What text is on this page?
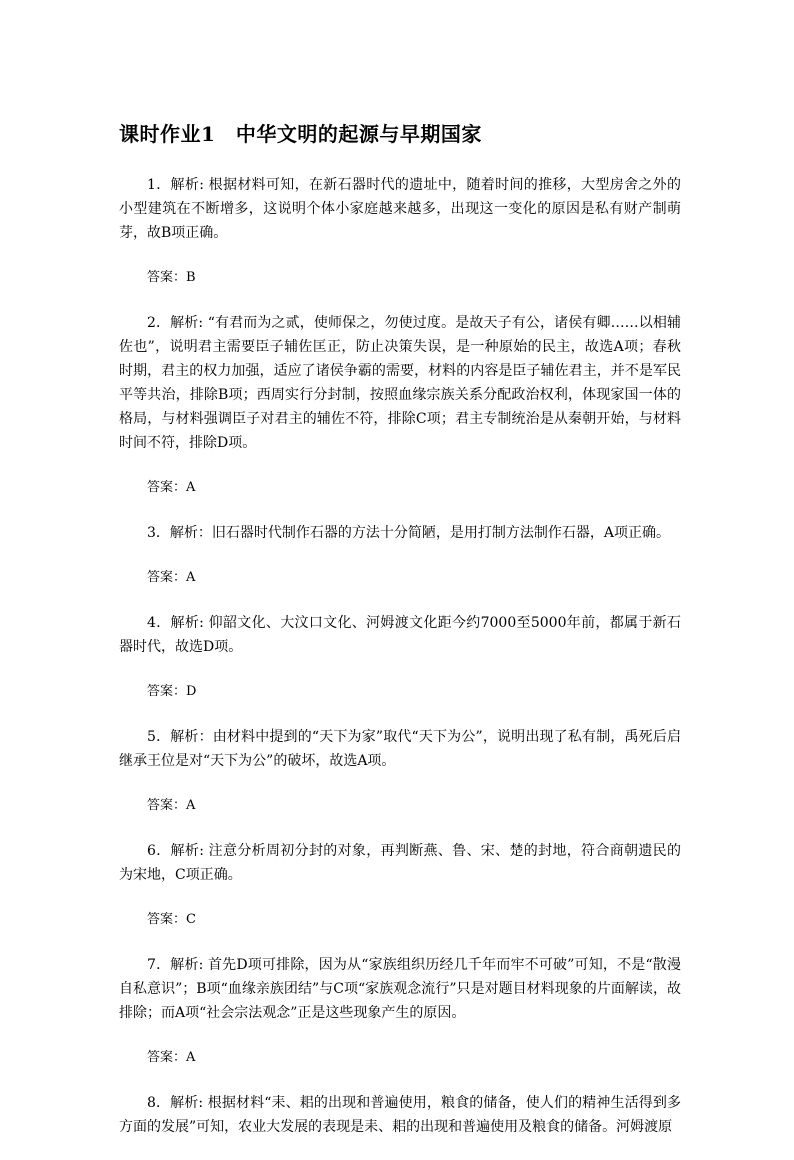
课时作业1　中华文明的起源与早期国家

1．解析: 根据材料可知，在新石器时代的遗址中，随着时间的推移，大型房舍之外的小型建筑在不断增多，这说明个体小家庭越来越多，出现这一变化的原因是私有财产制萌芽，故B项正确。

答案：B

2．解析: “有君而为之贰，使师保之，勿使过度。是故天子有公，诸侯有卿……以相辅佐也”，说明君主需要臣子辅佐匡正，防止决策失误，是一种原始的民主，故选A项；春秋时期，君主的权力加强，适应了诸侯争霸的需要，材料的内容是臣子辅佐君主，并不是军民平等共治，排除B项；西周实行分封制，按照血缘宗族关系分配政治权利，体现家国一体的格局，与材料强调臣子对君主的辅佐不符，排除C项；君主专制统治是从秦朝开始，与材料时间不符，排除D项。

答案：A

3．解析：旧石器时代制作石器的方法十分简陋，是用打制方法制作石器，A项正确。

答案：A

4．解析: 仰韶文化、大汶口文化、河姆渡文化距今约7000至5000年前，都属于新石器时代，故选D项。

答案：D

5．解析：由材料中提到的“天下为家”取代“天下为公”，说明出现了私有制，禹死后启继承王位是对“天下为公”的破坏，故选A项。

答案：A

6．解析: 注意分析周初分封的对象，再判断燕、鲁、宋、楚的封地，符合商朝遗民的为宋地，C项正确。

答案：C

7．解析: 首先D项可排除，因为从“家族组织历经几千年而牢不可破”可知，不是“散漫自私意识”；B项“血缘亲族团结”与C项“家族观念流行”只是对题目材料现象的片面解读，故排除；而A项“社会宗法观念”正是这些现象产生的原因。

答案：A

8．解析: 根据材料“耒、耜的出现和普遍使用，粮食的储备，使人们的精神生活得到多方面的发展”可知，农业大发展的表现是耒、耜的出现和普遍使用及粮食的储备。河姆渡原
